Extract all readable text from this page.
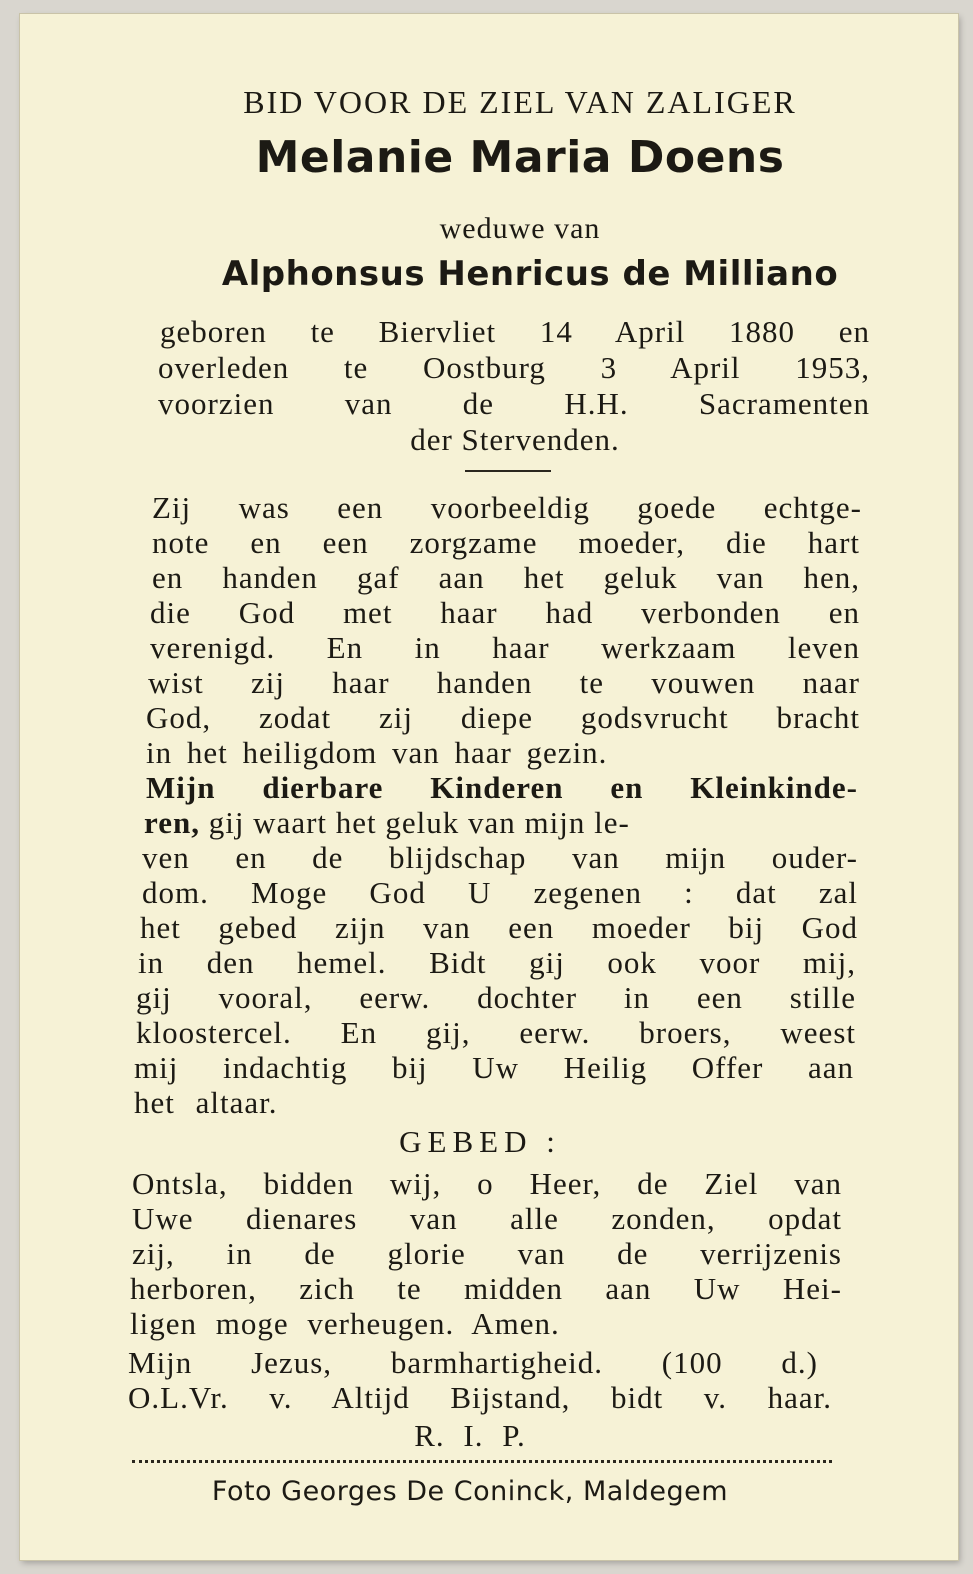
BID VOOR DE ZIEL VAN ZALIGER

Melanie Maria Doens

weduwe van

Alphonsus Henricus de Milliano

geboren te Biervliet 14 April 1880 en

overleden te Oostburg 3 April 1953,

voorzien van de H.H. Sacramenten

der Stervenden.

Zij was een voorbeeldig goede echtge-

note en een zorgzame moeder, die hart

en handen gaf aan het geluk van hen,

die God met haar had verbonden en

verenigd. En in haar werkzaam leven

wist zij haar handen te vouwen naar

God, zodat zij diepe godsvrucht bracht

in het heiligdom van haar gezin.

Mijn dierbare Kinderen en Kleinkinde-

ren, gij waart het geluk van mijn le-

ven en de blijdschap van mijn ouder-

dom. Moge God U zegenen : dat zal

het gebed zijn van een moeder bij God

in den hemel. Bidt gij ook voor mij,

gij vooral, eerw. dochter in een stille

kloostercel. En gij, eerw. broers, weest

mij indachtig bij Uw Heilig Offer aan

het altaar.

GEBED :

Ontsla, bidden wij, o Heer, de Ziel van

Uwe dienares van alle zonden, opdat

zij, in de glorie van de verrijzenis

herboren, zich te midden aan Uw Hei-

ligen moge verheugen. Amen.

Mijn Jezus, barmhartigheid. (100 d.)

O.L.Vr. v. Altijd Bijstand, bidt v. haar.

R. I. P.

Foto Georges De Coninck, Maldegem
